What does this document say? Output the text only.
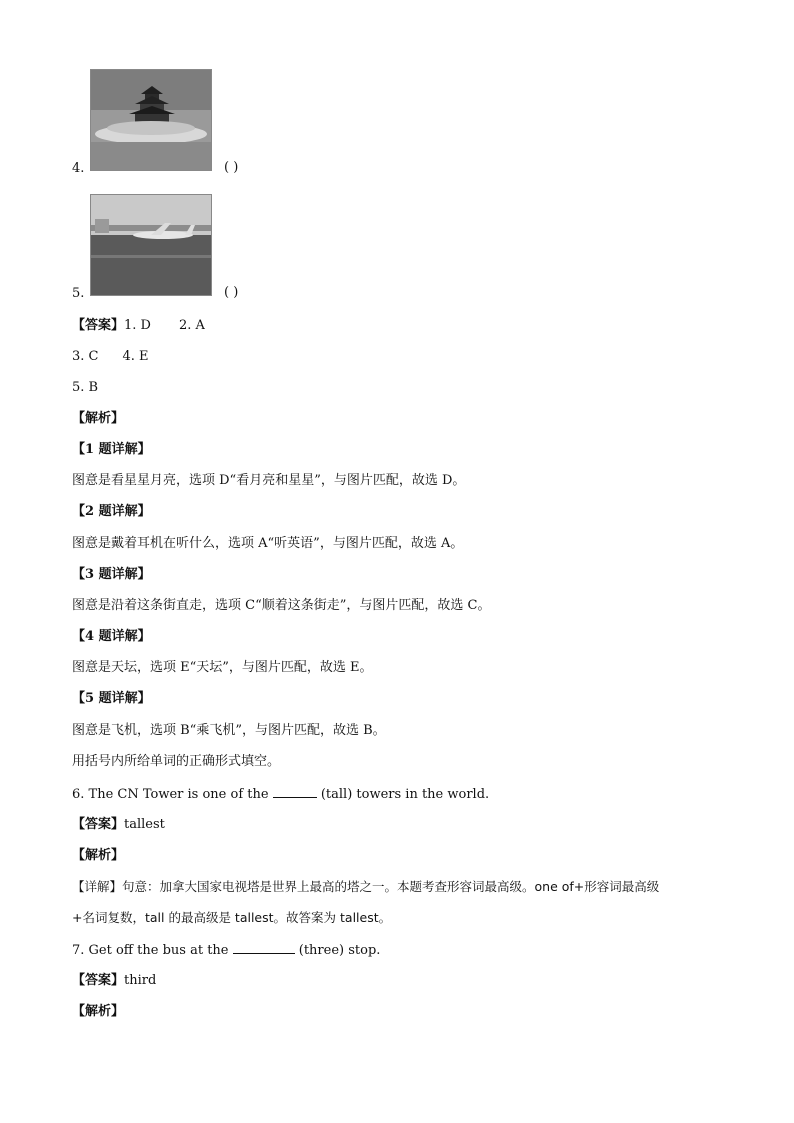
4.	( )
5.	( )
【答案】1. D 2. A
3. C 4. E
5. B
【解析】
【1 题详解】
图意是看星星月亮，选项 D“看月亮和星星”，与图片匹配，故选 D。
【2 题详解】
图意是戴着耳机在听什么，选项 A“听英语”，与图片匹配，故选 A。
【3 题详解】
图意是沿着这条街直走，选项 C“顺着这条街走”，与图片匹配，故选 C。
【4 题详解】
图意是天坛，选项 E“天坛”，与图片匹配，故选 E。
【5 题详解】
图意是飞机，选项 B“乘飞机”，与图片匹配，故选 B。
用括号内所给单词的正确形式填空。
6. The CN Tower is one of the	(tall) towers in the world.
【答案】tallest
【解析】
【详解】句意：加拿大国家电视塔是世界上最高的塔之一。本题考查形容词最高级。one of+形容词最高级
+名词复数，tall 的最高级是 tallest。故答案为 tallest。
7. Get off the bus at the	(three) stop.
【答案】third
【解析】
